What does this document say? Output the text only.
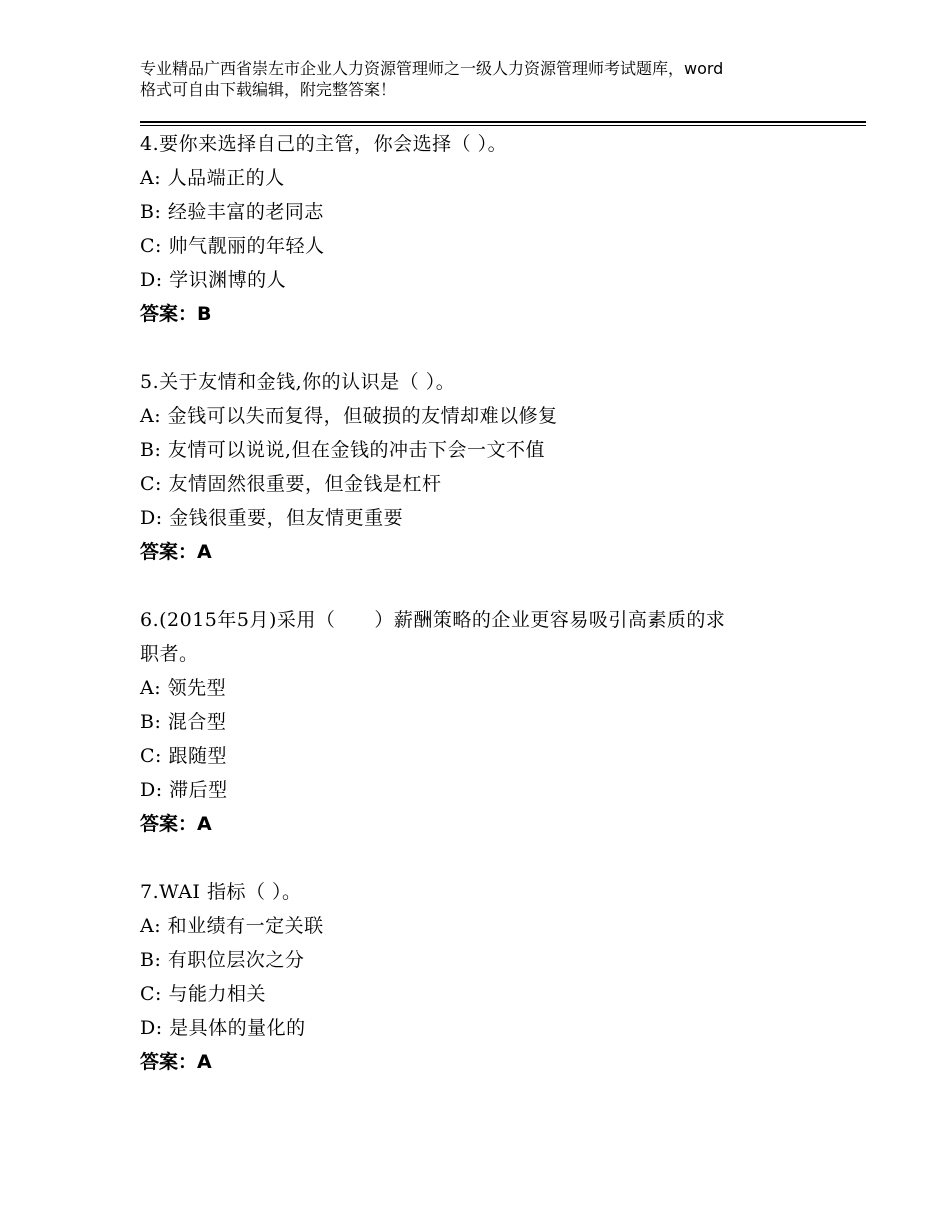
专业精品广西省崇左市企业人力资源管理师之一级人力资源管理师考试题库，word
格式可自由下载编辑，附完整答案！
4.要你来选择自己的主管，你会选择（ ）。
A: 人品端正的人
B: 经验丰富的老同志
C: 帅气靓丽的年轻人
D: 学识渊博的人
答案：B
5.关于友情和金钱,你的认识是（ ）。
A: 金钱可以失而复得，但破损的友情却难以修复
B: 友情可以说说,但在金钱的冲击下会一文不值
C: 友情固然很重要，但金钱是杠杆
D: 金钱很重要，但友情更重要
答案：A
6.(2015年5月)采用（　　）薪酬策略的企业更容易吸引高素质的求
职者。
A: 领先型
B: 混合型
C: 跟随型
D: 滞后型
答案：A
7.WAI 指标（ ）。
A: 和业绩有一定关联
B: 有职位层次之分
C: 与能力相关
D: 是具体的量化的
答案：A
